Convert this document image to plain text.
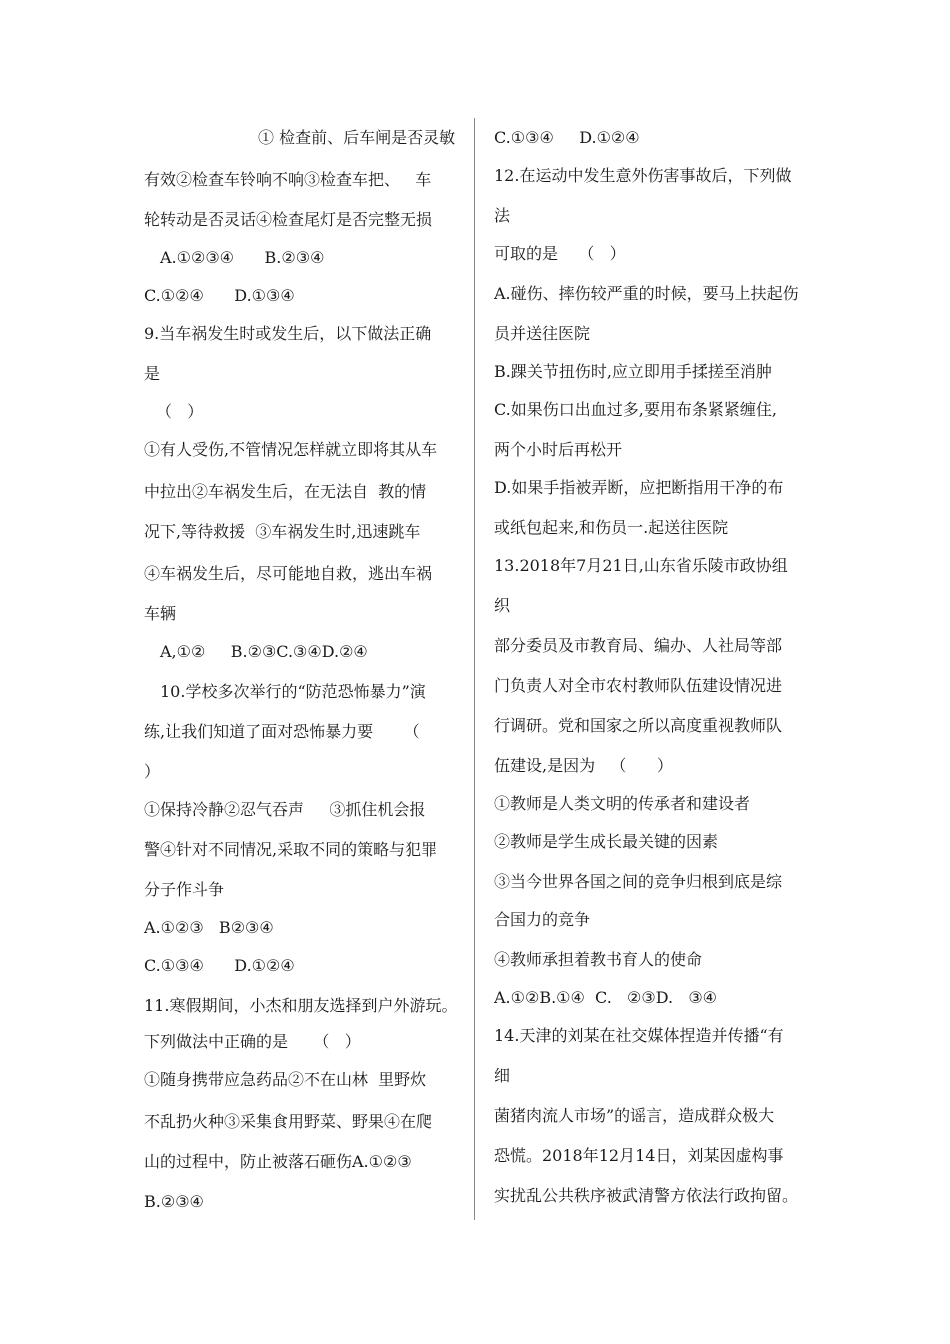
① 检查前、后车闸是否灵敏
有效②检查车铃响不响③检查车把、   车
轮转动是否灵话④检查尾灯是否完整无损
A.①②③④      B.②③④
C.①②④      D.①③④
9.当车祸发生时或发生后，以下做法正确
是
（   ）
①有人受伤,不管情况怎样就立即将其从车
中拉出②车祸发生后，在无法自  教的情
况下,等待救援  ③车祸发生时,迅速跳车
④车祸发生后，尽可能地自救，逃出车祸
车辆
A,①②     B.②③C.③④D.②④
10.学校多次举行的“防范恐怖暴力”演
练,让我们知道了面对恐怖暴力要      （
）
①保持冷静②忍气吞声     ③抓住机会报
警④针对不同情况,采取不同的策略与犯罪
分子作斗争
A.①②③   B②③④
C.①③④      D.①②④
11.寒假期间，小杰和朋友选择到户外游玩。
下列做法中正确的是     （   ）
①随身携带应急药品②不在山林  里野炊
不乱扔火种③采集食用野菜、野果④在爬
山的过程中，防止被落石砸伤A.①②③
B.②③④
C.①③④     D.①②④
12.在运动中发生意外伤害事故后，下列做
法
可取的是    （   ）
A.碰伤、摔伤较严重的时候，要马上扶起伤
员并送往医院
B.踝关节扭伤时,应立即用手揉搓至消肿
C.如果伤口出血过多,要用布条紧紧缠住,
两个小时后再松开
D.如果手指被弄断，应把断指用干净的布
或纸包起来,和伤员一.起送往医院
13.2018年7月21日,山东省乐陵市政协组
织
部分委员及市教育局、编办、人社局等部
门负责人对全市农村教师队伍建设情况进
行调研。党和国家之所以高度重视教师队
伍建设,是因为   （      ）
①教师是人类文明的传承者和建设者
②教师是学生成长最关键的因素
③当今世界各国之间的竞争归根到底是综
合国力的竞争
④教师承担着教书育人的使命
A.①②B.①④  C.   ②③D.   ③④
14.天津的刘某在社交媒体捏造并传播“有
细
菌猪肉流人市场”的谣言，造成群众极大
恐慌。2018年12月14日，刘某因虚构事
实扰乱公共秩序被武清警方依法行政拘留。
